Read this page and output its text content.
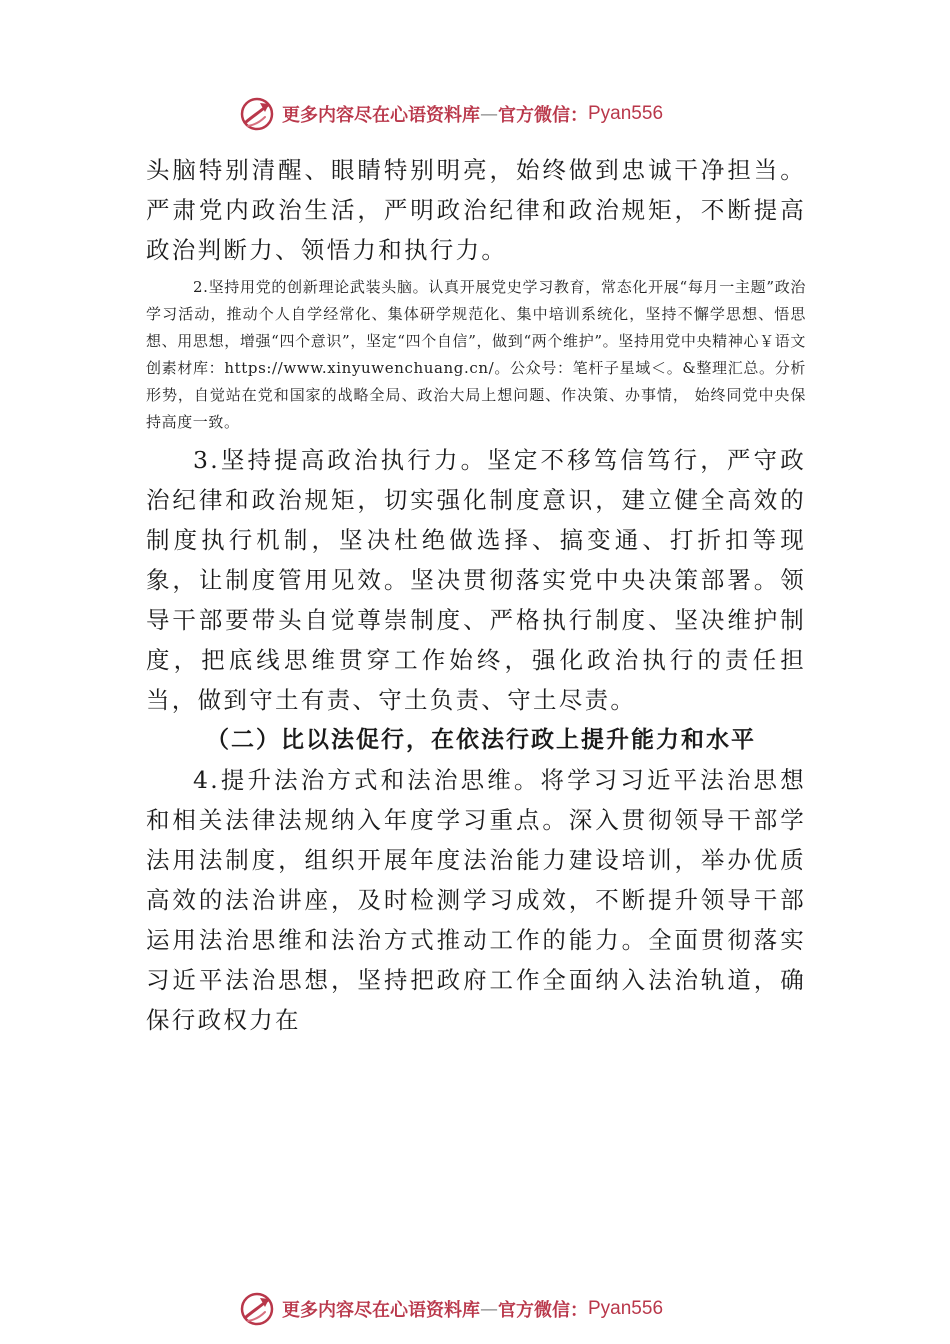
更多内容尽在心语资料库 — 官方微信： Pyan556

头脑特别清醒、眼睛特别明亮，始终做到忠诚干净担当。严肃党内政治生活，严明政治纪律和政治规矩，不断提高政治判断力、领悟力和执行力。

2.坚持用党的创新理论武装头脑。认真开展党史学习教育，常态化开展“每月一主题”政治学习活动，推动个人自学经常化、集体研学规范化、集中培训系统化，坚持不懈学思想、悟思想、用思想，增强“四个意识”，坚定“四个自信”，做到“两个维护”。坚持用党中央精神心￥语文创素材库：https://www.xinyuwenchuang.cn/。公众号：笔杆子星域＜。&整理汇总。分析形势，自觉站在党和国家的战略全局、政治大局上想问题、作决策、办事情， 始终同党中央保持高度一致。

3.坚持提高政治执行力。坚定不移笃信笃行，严守政治纪律和政治规矩，切实强化制度意识，建立健全高效的制度执行机制，坚决杜绝做选择、搞变通、打折扣等现象，让制度管用见效。坚决贯彻落实党中央决策部署。领导干部要带头自觉尊崇制度、严格执行制度、坚决维护制度，把底线思维贯穿工作始终，强化政治执行的责任担当，做到守土有责、守土负责、守土尽责。

（二）比以法促行，在依法行政上提升能力和水平

4.提升法治方式和法治思维。将学习习近平法治思想和相关法律法规纳入年度学习重点。深入贯彻领导干部学法用法制度，组织开展年度法治能力建设培训，举办优质高效的法治讲座，及时检测学习成效，不断提升领导干部运用法治思维和法治方式推动工作的能力。全面贯彻落实习近平法治思想，坚持把政府工作全面纳入法治轨道，确保行政权力在

更多内容尽在心语资料库 — 官方微信： Pyan556
